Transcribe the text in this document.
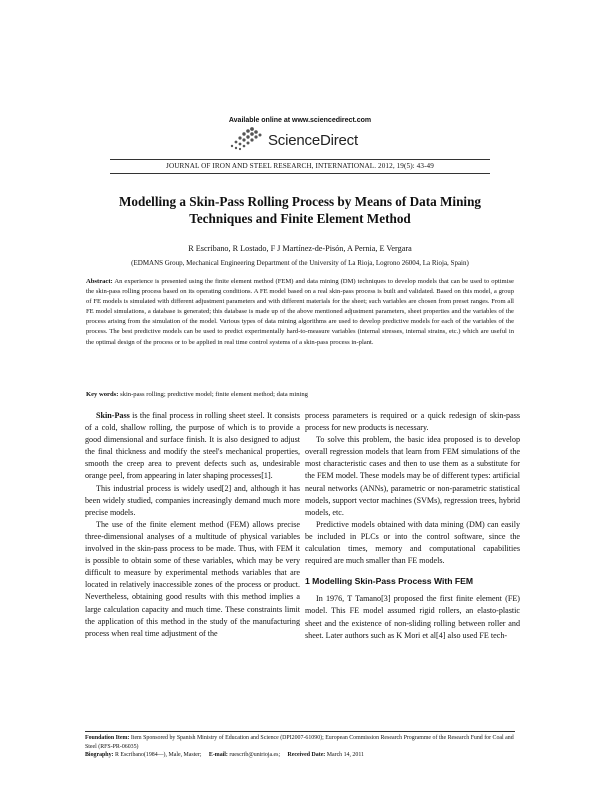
Available online at www.sciencedirect.com
ScienceDirect
JOURNAL OF IRON AND STEEL RESEARCH, INTERNATIONAL. 2012, 19(5): 43-49
Modelling a Skin-Pass Rolling Process by Means of Data Mining Techniques and Finite Element Method
R Escribano, R Lostado, F J Martínez-de-Pisón, A Pernia, E Vergara
(EDMANS Group, Mechanical Engineering Department of the University of La Rioja, Logrono 26004, La Rioja, Spain)
Abstract: An experience is presented using the finite element method (FEM) and data mining (DM) techniques to develop models that can be used to optimise the skin-pass rolling process based on its operating conditions. A FE model based on a real skin-pass process is built and validated. Based on this model, a group of FE models is simulated with different adjustment parameters and with different materials for the sheet; such variables are chosen from preset ranges. From all FE model simulations, a database is generated; this database is made up of the above mentioned adjustment parameters, sheet properties and the variables of the process arising from the simulation of the model. Various types of data mining algorithms are used to develop predictive models for each of the variables of the process. The best predictive models can be used to predict experimentally hard-to-measure variables (internal stresses, internal strains, etc.) which are useful in the optimal design of the process or to be applied in real time control systems of a skin-pass process in-plant.
Key words: skin-pass rolling; predictive model; finite element method; data mining

Skin-Pass is the final process in rolling sheet steel. It consists of a cold, shallow rolling, the purpose of which is to provide a good dimensional and surface finish. It is also designed to adjust the final thickness and modify the steel's mechanical properties, smooth the creep area to prevent defects such as, undesirable orange peel, from appearing in later shaping processes[1].

This industrial process is widely used[2] and, although it has been widely studied, companies increasingly demand much more precise models.

The use of the finite element method (FEM) allows precise three-dimensional analyses of a multitude of physical variables involved in the skin-pass process to be made. Thus, with FEM it is possible to obtain some of these variables, which may be very difficult to measure by experimental methods variables that are located in relatively inaccessible zones of the process or product. Nevertheless, obtaining good results with this method implies a large calculation capacity and much time. These constraints limit the application of this method in the study of the manufacturing process when real time adjustment of the

process parameters is required or a quick redesign of skin-pass process for new products is necessary.

To solve this problem, the basic idea proposed is to develop overall regression models that learn from FEM simulations of the most characteristic cases and then to use them as a substitute for the FEM model. These models may be of different types: artificial neural networks (ANNs), parametric or non-parametric statistical models, support vector machines (SVMs), regression trees, hybrid models, etc.

Predictive models obtained with data mining (DM) can easily be included in PLCs or into the control software, since the calculation times, memory and computational capabilities required are much smaller than FE models.

1 Modelling Skin-Pass Process With FEM

In 1976, T Tamano[3] proposed the first finite element (FE) model. This FE model assumed rigid rollers, an elasto-plastic sheet and the existence of non-sliding rolling between roller and sheet. Later authors such as K Mori et al[4] also used FE tech-

Foundation Item: Item Sponsored by Spanish Ministry of Education and Science (DPI2007-61090); European Commission Research Programme of the Research Fund for Coal and Steel (RFS-PR-06035)
Biography: R Escribano(1984—), Male, Master; E-mail: ruescrib@unirioja.es; Received Date: March 14, 2011
